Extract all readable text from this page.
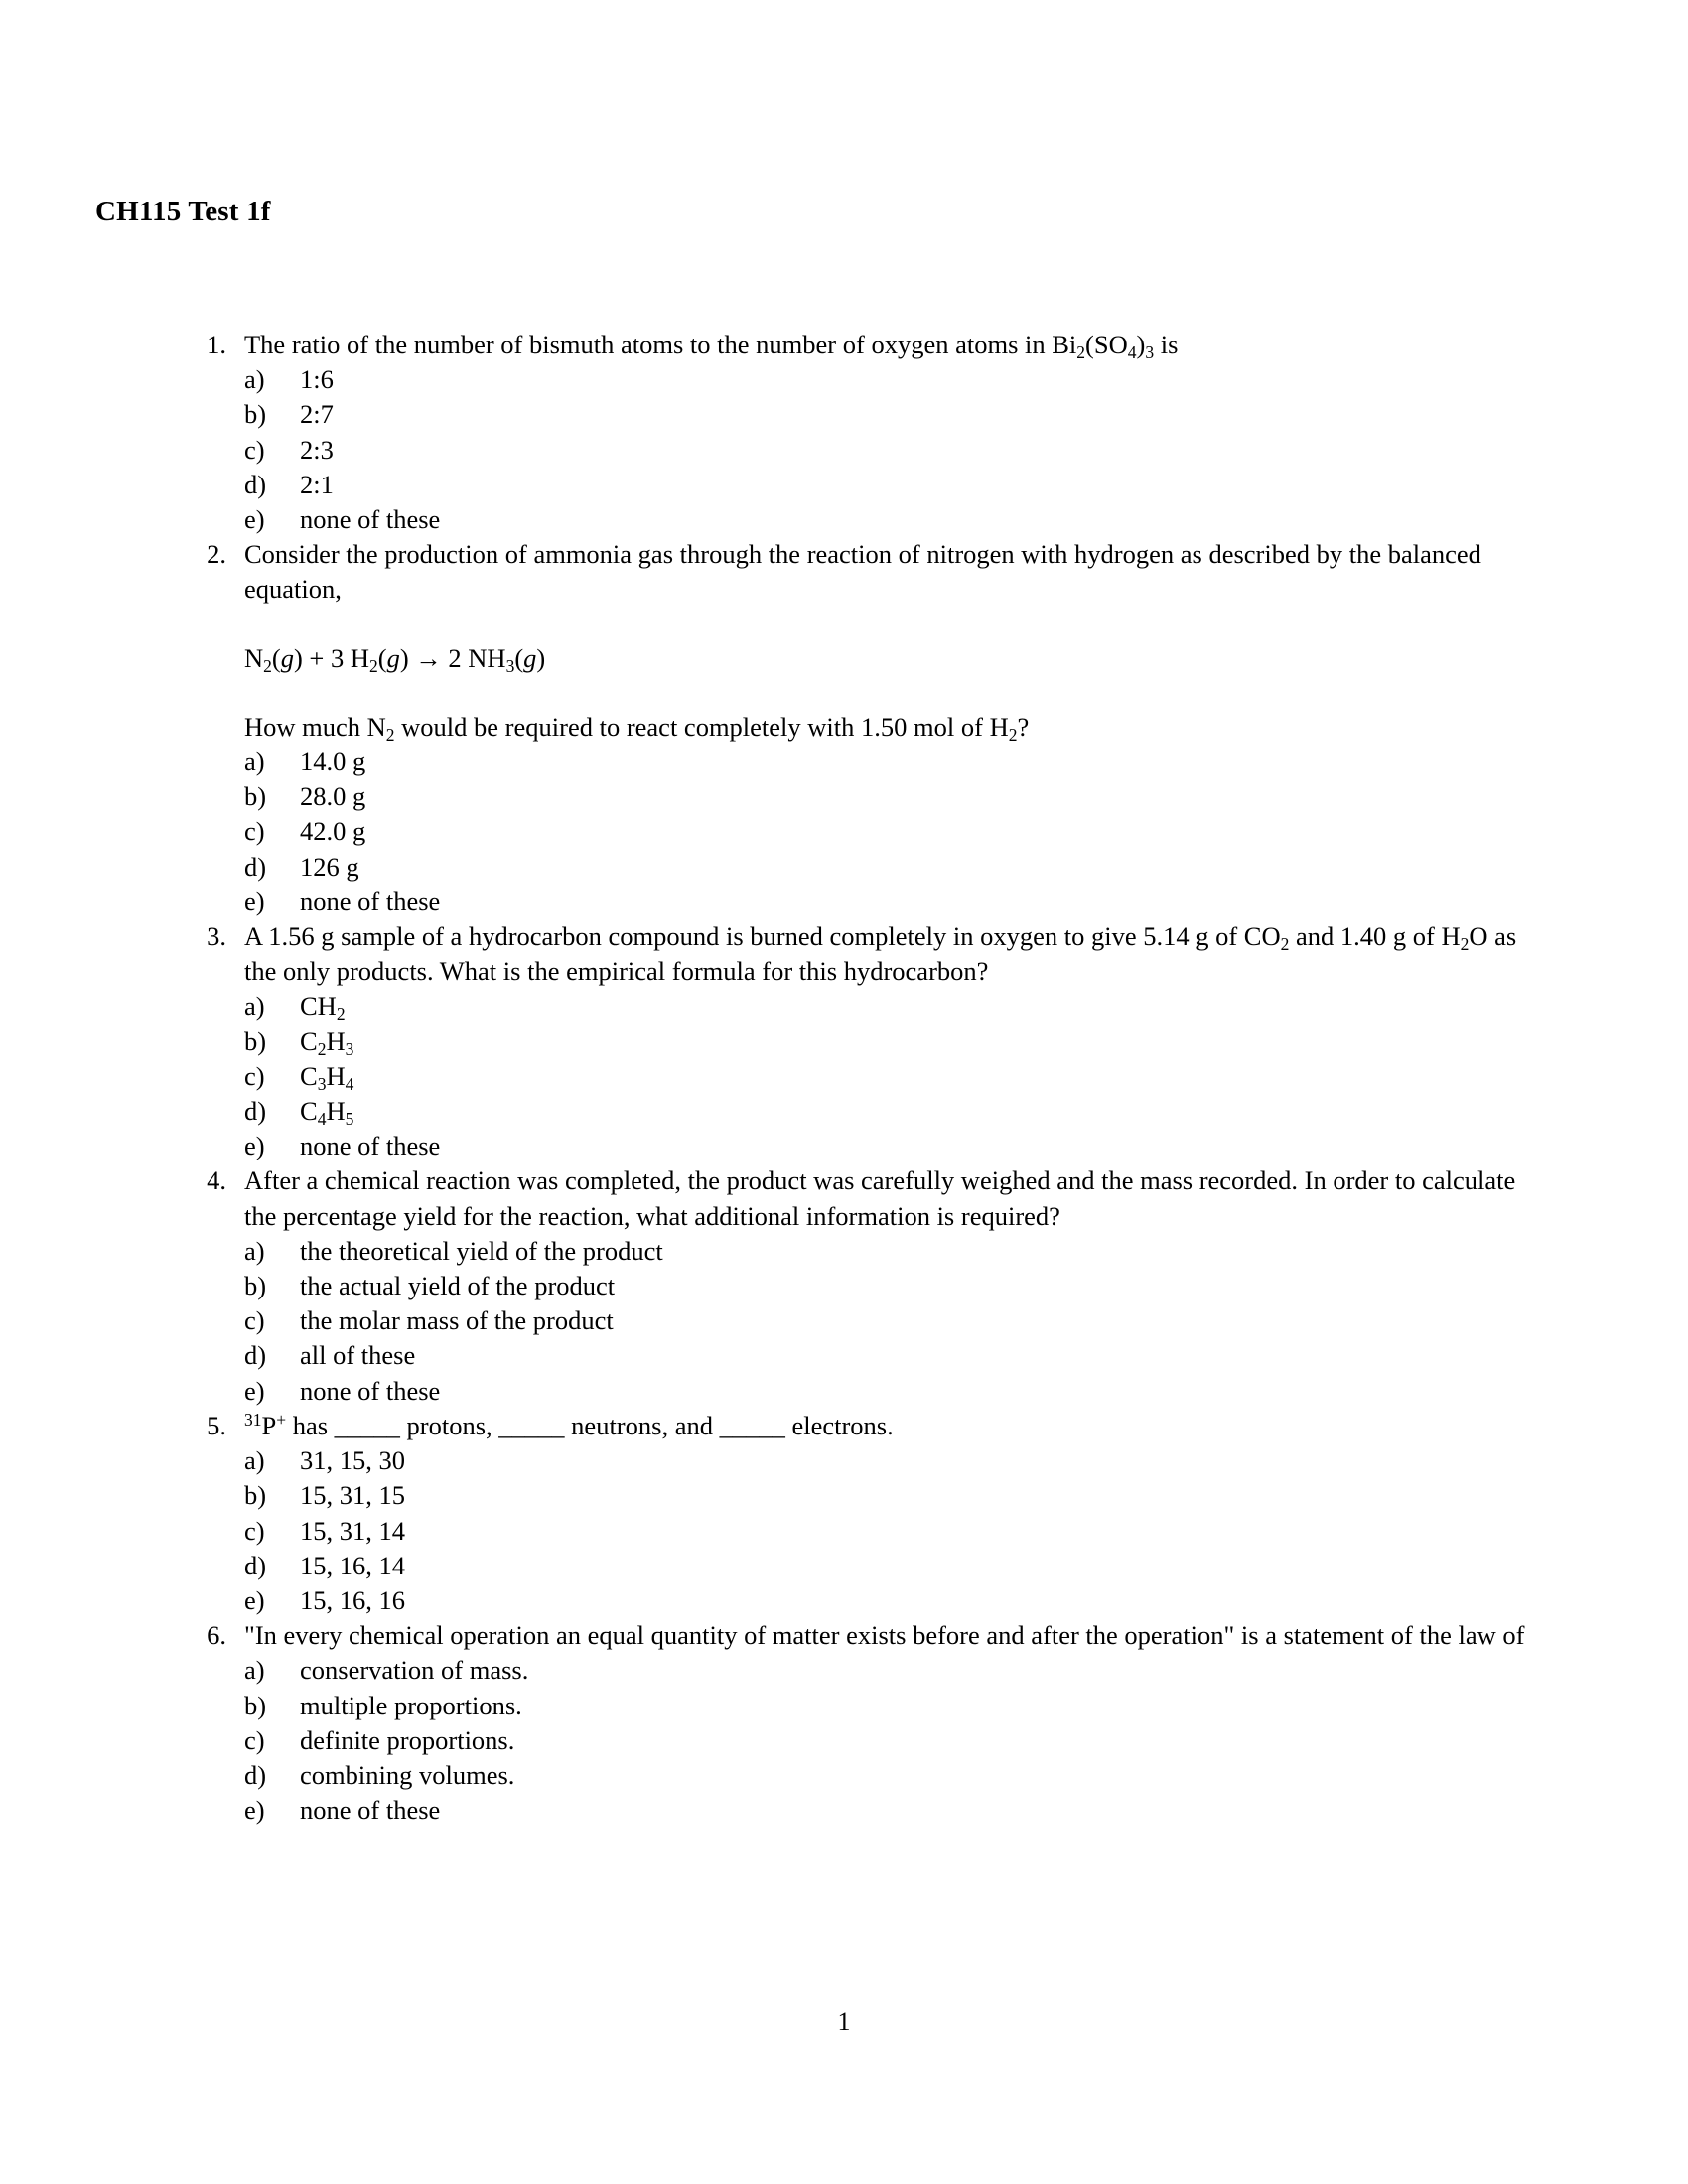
CH115 Test 1f
1. The ratio of the number of bismuth atoms to the number of oxygen atoms in $Bi_2(SO_4)_3$ is
a)	1:6
b)	2:7
c)	2:3
d)	2:1
e)	none of these
2. Consider the production of ammonia gas through the reaction of nitrogen with hydrogen as described by the balanced equation,
$N_2(g) + 3$ $H_2(g) \to 2$ $NH_3(g)$
How much $N_2$ would be required to react completely with 1.50 mol of $H_2$?
a)	14.0 g
b)	28.0 g
c)	42.0 g
d)	126 g
e)	none of these
3. A 1.56 g sample of a hydrocarbon compound is burned completely in oxygen to give 5.14 g of $CO_2$ and 1.40 g of $H_2O$ as the only products. What is the empirical formula for this hydrocarbon?
a)	$CH_2$
b)	$C_2H_3$
c)	$C_3H_4$
d)	$C_4H_5$
e)	none of these
4. After a chemical reaction was completed, the product was carefully weighed and the mass recorded. In order to calculate the percentage yield for the reaction, what additional information is required?
a)	the theoretical yield of the product
b)	the actual yield of the product
c)	the molar mass of the product
d)	all of these
e)	none of these
5. $^{31}$P+ has _____ protons, _____ neutrons, and _____ electrons.
a)	31, 15, 30
b)	15, 31, 15
c)	15, 31, 14
d)	15, 16, 14
e)	15, 16, 16
6. "In every chemical operation an equal quantity of matter exists before and after the operation" is a statement of the law of
a)	conservation of mass.
b)	multiple proportions.
c)	definite proportions.
d)	combining volumes.
e)	none of these
1
